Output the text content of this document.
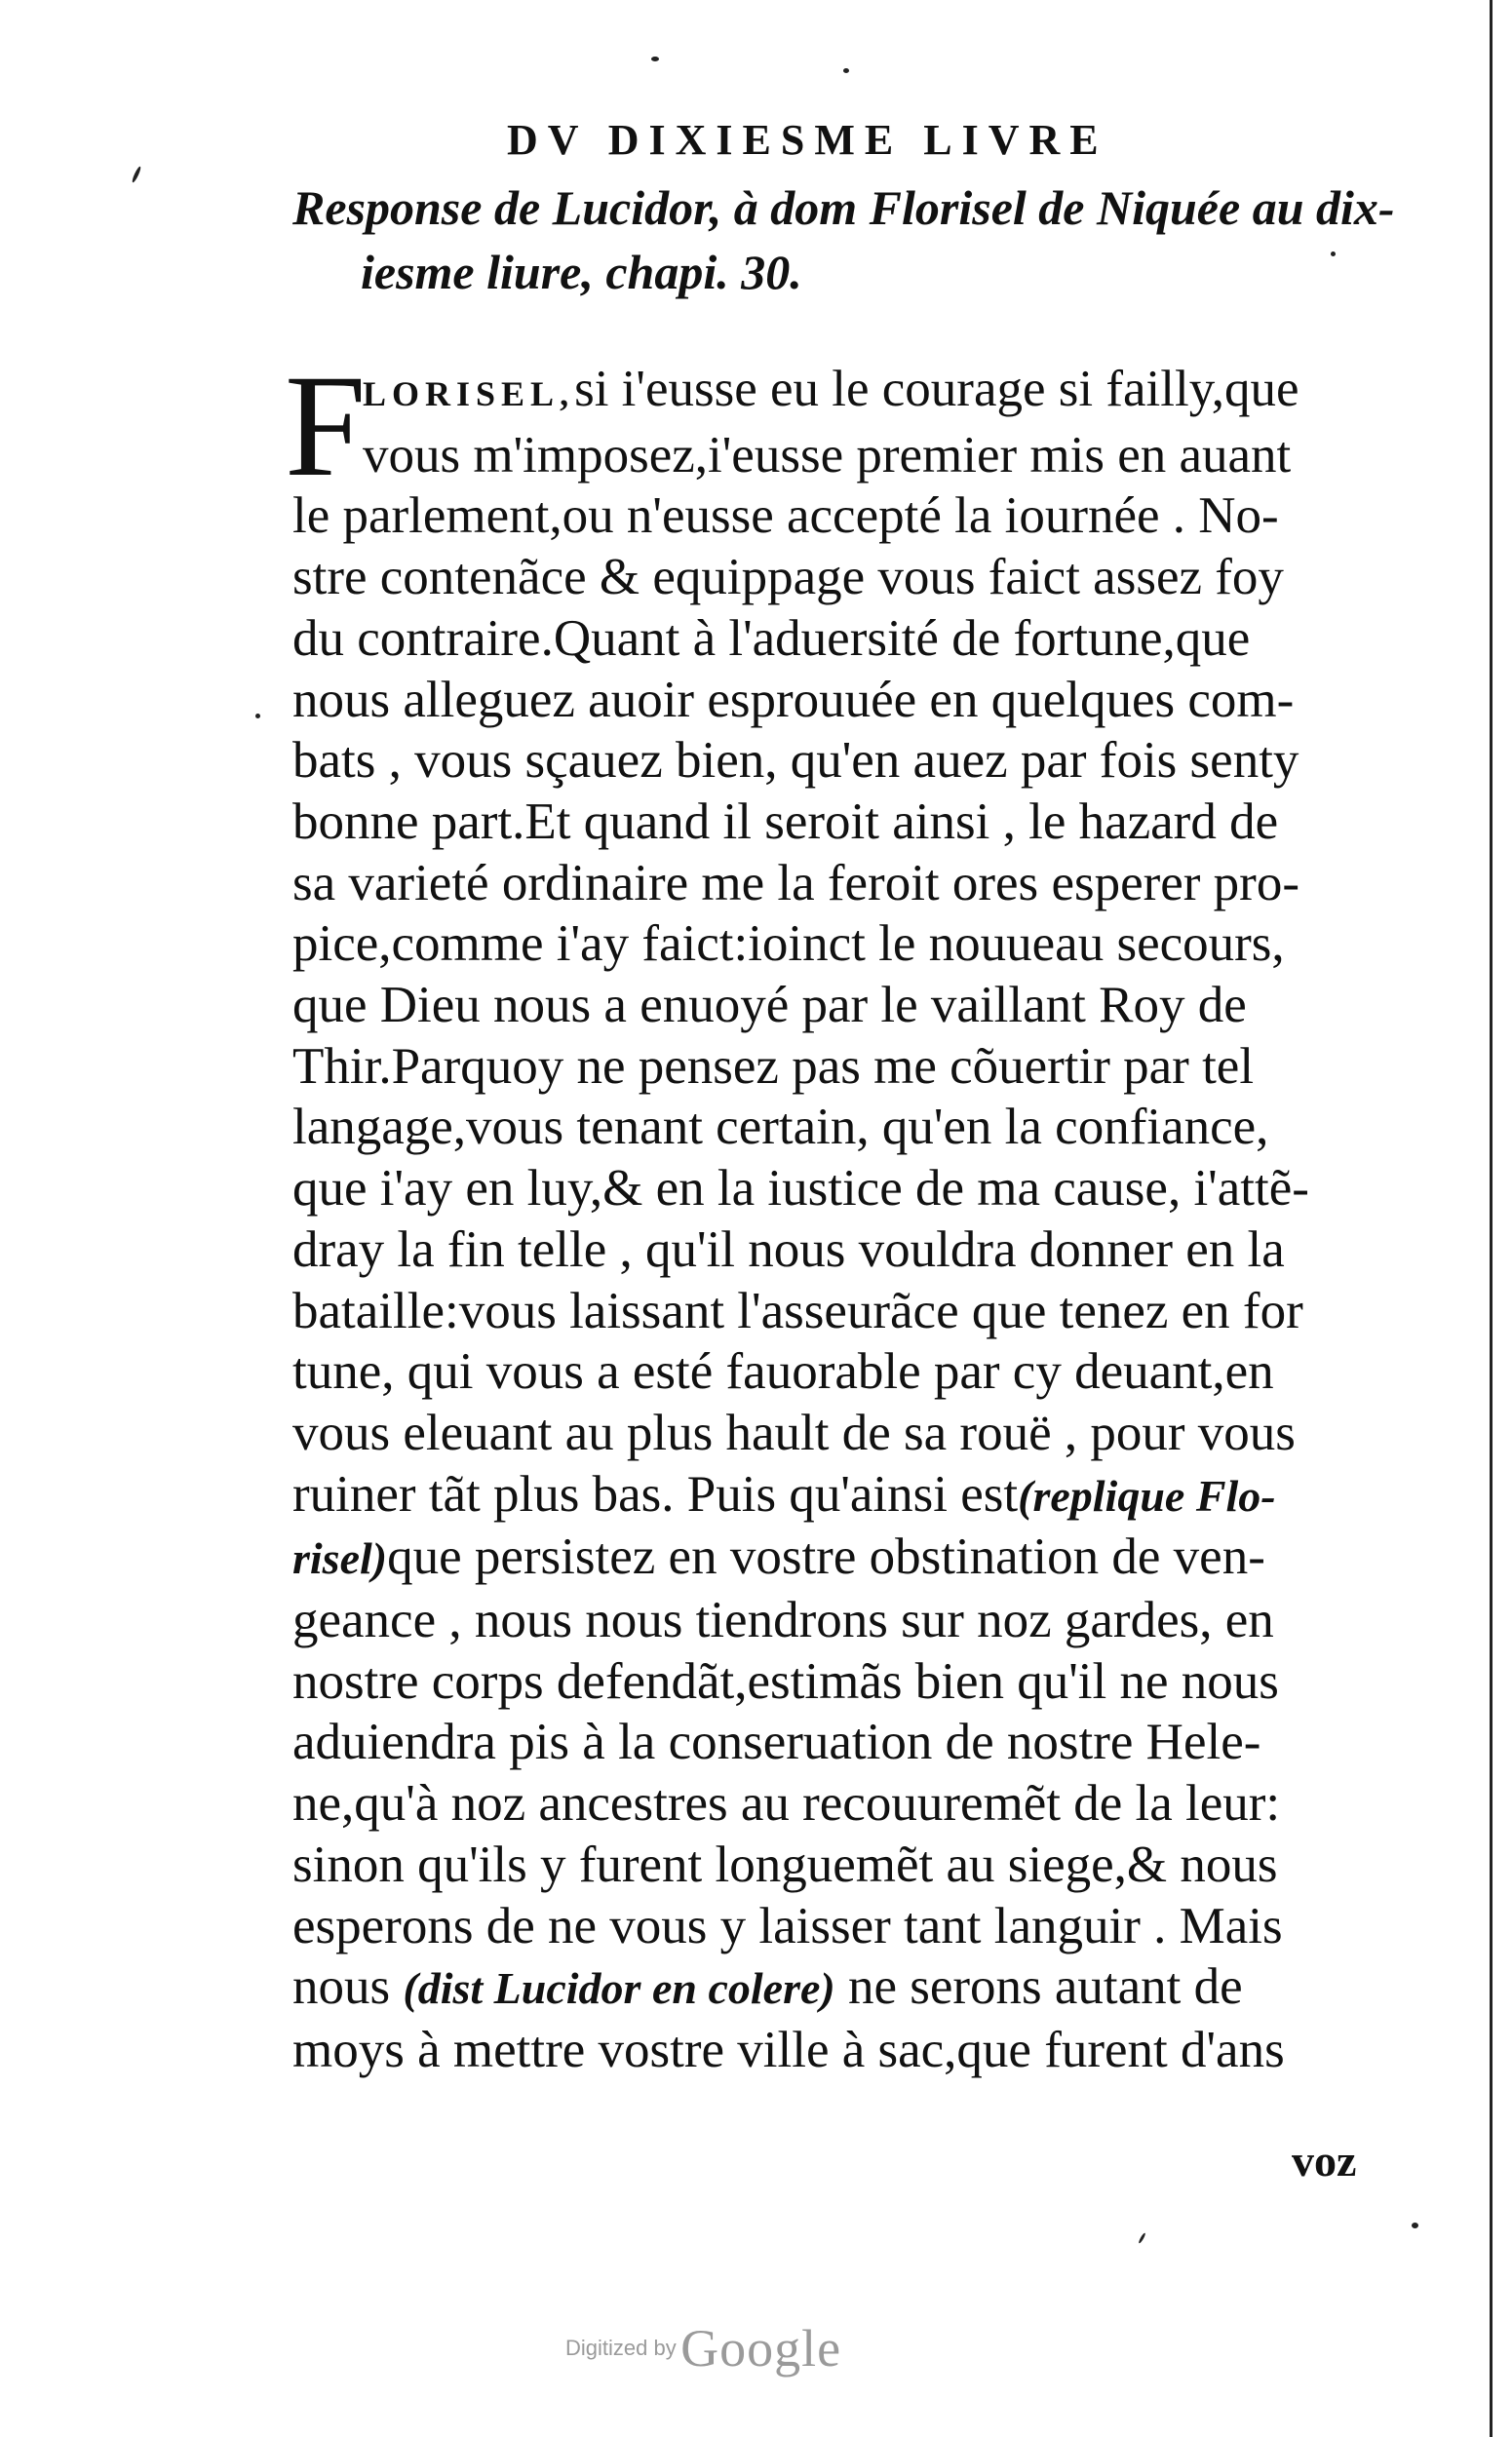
DV DIXIESME LIVRE
Response de Lucidor, à dom Florisel de Niquée au dix-
iesme liure, chapi. 30.
F
LORISEL,si i'eusse eu le courage si failly,que
vous m'imposez,i'eusse premier mis en auant
le parlement,ou n'eusse accepté la iournée . No-
stre contenãce & equippage vous faict assez foy
du contraire.Quant à l'aduersité de fortune,que
nous alleguez auoir esprouuée en quelques com-
bats , vous sçauez bien, qu'en auez par fois senty
bonne part.Et quand il seroit ainsi , le hazard de
sa varieté ordinaire me la feroit ores esperer pro-
pice,comme i'ay faict:ioinct le nouueau secours,
que Dieu nous a enuoyé par le vaillant Roy de
Thir.Parquoy ne pensez pas me cõuertir par tel
langage,vous tenant certain, qu'en la confiance,
que i'ay en luy,& en la iustice de ma cause, i'attẽ-
dray la fin telle , qu'il nous vouldra donner en la
bataille:vous laissant l'asseurãce que tenez en for
tune, qui vous a esté fauorable par cy deuant,en
vous eleuant au plus hault de sa rouë , pour vous
ruiner tãt plus bas. Puis qu'ainsi est(replique Flo-
risel)que persistez en vostre obstination de ven-
geance , nous nous tiendrons sur noz gardes, en
nostre corps defendãt,estimãs bien qu'il ne nous
aduiendra pis à la conseruation de nostre Hele-
ne,qu'à noz ancestres au recouuremẽt de la leur:
sinon qu'ils y furent longuemẽt au siege,& nous
esperons de ne vous y laisser tant languir . Mais
nous (dist Lucidor en colere) ne serons autant de
moys à mettre vostre ville à sac,que furent d'ans
voz
Digitized by Google
